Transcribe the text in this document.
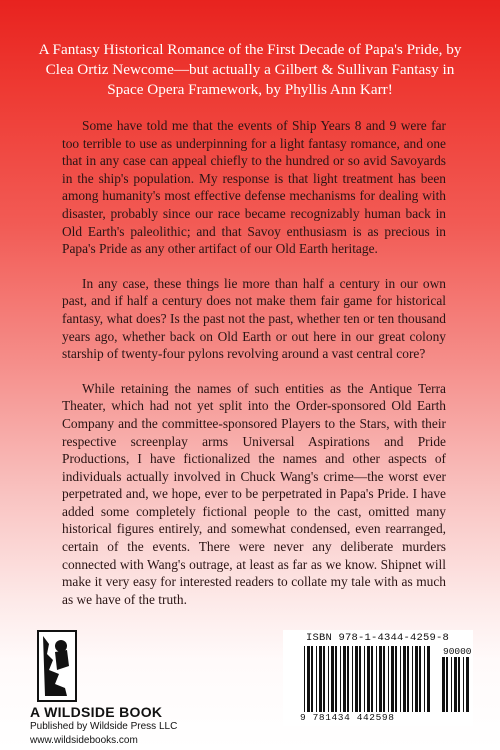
A Fantasy Historical Romance of the First Decade of Papa's Pride, by Clea Ortiz Newcome—but actually a Gilbert & Sullivan Fantasy in Space Opera Framework, by Phyllis Ann Karr!

Some have told me that the events of Ship Years 8 and 9 were far too terrible to use as underpinning for a light fantasy romance, and one that in any case can appeal chiefly to the hundred or so avid Savoyards in the ship's population. My response is that light treatment has been among humanity's most effective defense mechanisms for dealing with disaster, probably since our race became recognizably human back in Old Earth's paleolithic; and that Savoy enthusiasm is as precious in Papa's Pride as any other artifact of our Old Earth heritage.

In any case, these things lie more than half a century in our own past, and if half a century does not make them fair game for historical fantasy, what does? Is the past not the past, whether ten or ten thousand years ago, whether back on Old Earth or out here in our great colony starship of twenty-four pylons revolving around a vast central core?

While retaining the names of such entities as the Antique Terra Theater, which had not yet split into the Order-sponsored Old Earth Company and the committee-sponsored Players to the Stars, with their respective screenplay arms Universal Aspirations and Pride Productions, I have fictionalized the names and other aspects of individuals actually involved in Chuck Wang's crime—the worst ever perpetrated and, we hope, ever to be perpetrated in Papa's Pride. I have added some completely fictional people to the cast, omitted many historical figures entirely, and somewhat condensed, even rearranged, certain of the events. There were never any deliberate murders connected with Wang's outrage, at least as far as we know. Shipnet will make it very easy for interested readers to collate my tale with as much as we have of the truth.

WILDSIDE
A WILDSIDE BOOK
Published by Wildside Press LLC
www.wildsidebooks.com
ISBN 978-1-4344-4259-8
90000
9 781434 442598
